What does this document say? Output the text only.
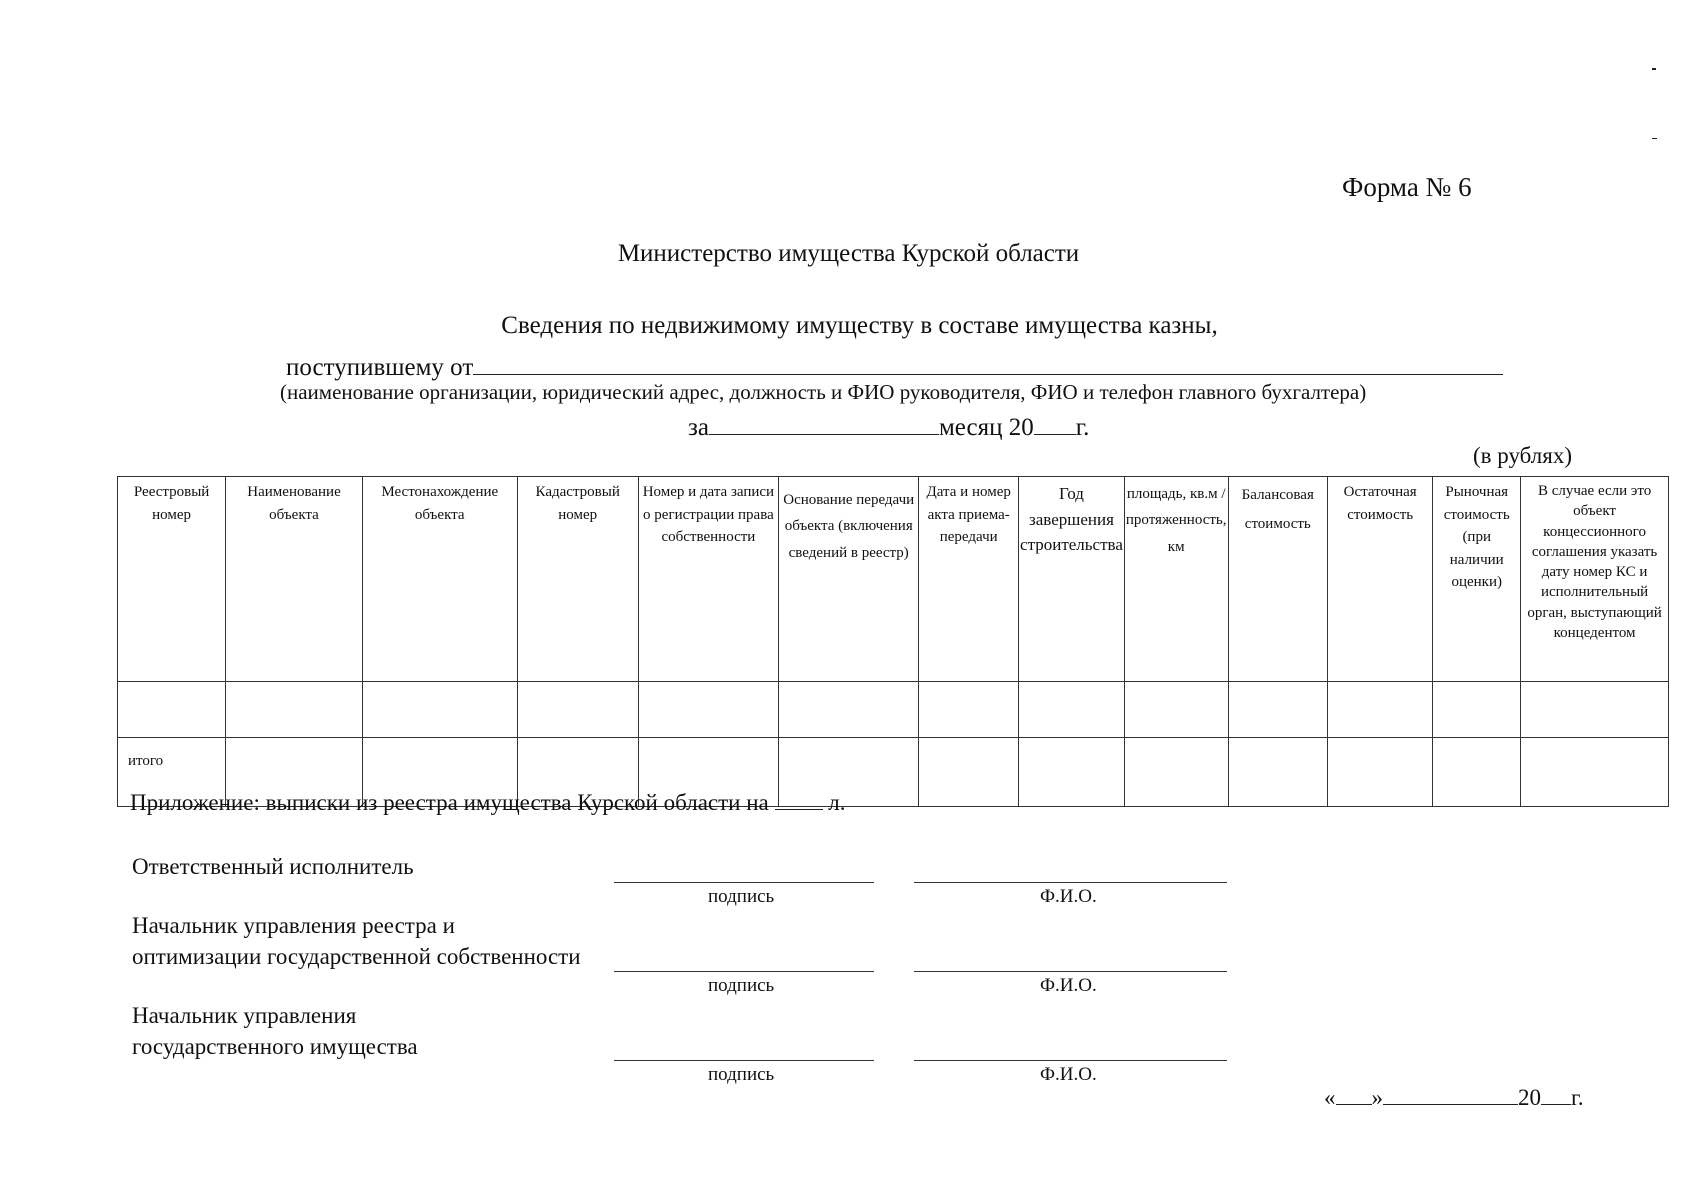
Форма № 6
Министерство имущества Курской области
Сведения по недвижимому имуществу в составе имущества казны,
поступившему от
(наименование организации, юридический адрес, должность и ФИО руководителя, ФИО и телефон главного бухгалтера)
за	месяц 20 г.
(в рублях)
Реестровый номер	Наименование объекта	Местонахождение объекта	Кадастровый номер	Номер и дата записи о регистрации права собственности	Основание передачи объекта (включения сведений в реестр)	Дата и номер акта приема-передачи	Год завершения строительства	площадь, кв.м / протяженность, км	Балансовая стоимость	Остаточная стоимость	Рыночная стоимость (при наличии оценки)	В случае если это объект концессионного соглашения указать дату номер КС и исполнительный орган, выступающий концедентом

итого												
Приложение: выписки из реестра имущества Курской области на	л.
Ответственный исполнитель
подпись	Ф.И.О.
Начальник управления реестра и
оптимизации государственной собственности
подпись	Ф.И.О.
Начальник управления
государственного имущества
подпись	Ф.И.О.
« »	20 г.
